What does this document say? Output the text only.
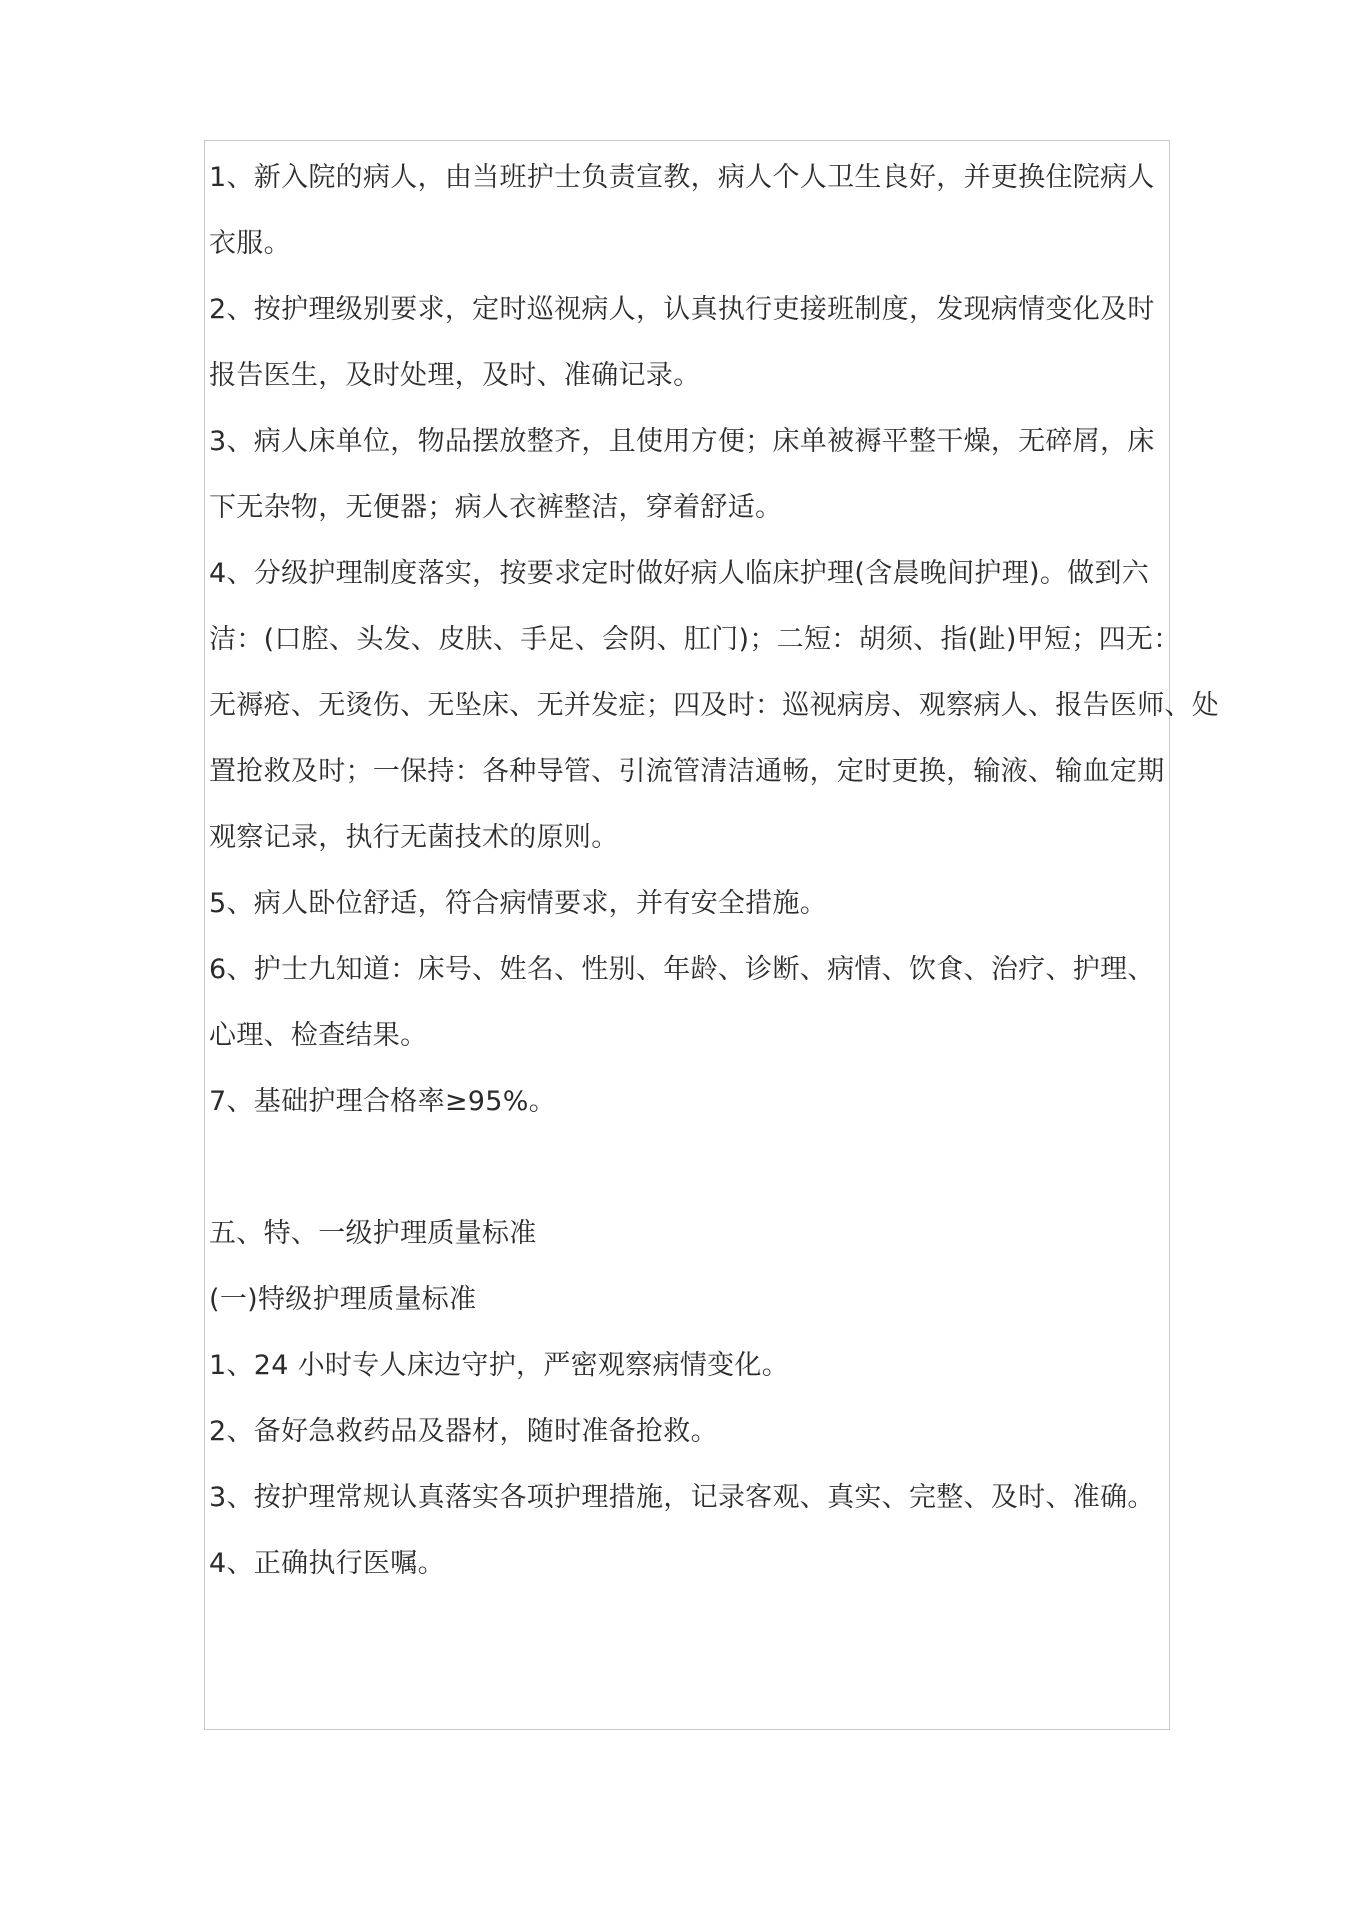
1、新入院的病人，由当班护士负责宣教，病人个人卫生良好，并更换住院病人
衣服。
2、按护理级别要求，定时巡视病人，认真执行吏接班制度，发现病情变化及时
报告医生，及时处理，及时、准确记录。
3、病人床单位，物品摆放整齐，且使用方便；床单被褥平整干燥，无碎屑，床
下无杂物，无便器；病人衣裤整洁，穿着舒适。
4、分级护理制度落实，按要求定时做好病人临床护理(含晨晚间护理)。做到六
洁：(口腔、头发、皮肤、手足、会阴、肛门)；二短：胡须、指(趾)甲短；四无：
无褥疮、无烫伤、无坠床、无并发症；四及时：巡视病房、观察病人、报告医师、处
置抢救及时；一保持：各种导管、引流管清洁通畅，定时更换，输液、输血定期
观察记录，执行无菌技术的原则。
5、病人卧位舒适，符合病情要求，并有安全措施。
6、护士九知道：床号、姓名、性别、年龄、诊断、病情、饮食、治疗、护理、
心理、检查结果。
7、基础护理合格率≥95%。
五、特、一级护理质量标准
(一)特级护理质量标准
1、24 小时专人床边守护，严密观察病情变化。
2、备好急救药品及器材，随时准备抢救。
3、按护理常规认真落实各项护理措施，记录客观、真实、完整、及时、准确。
4、正确执行医嘱。
